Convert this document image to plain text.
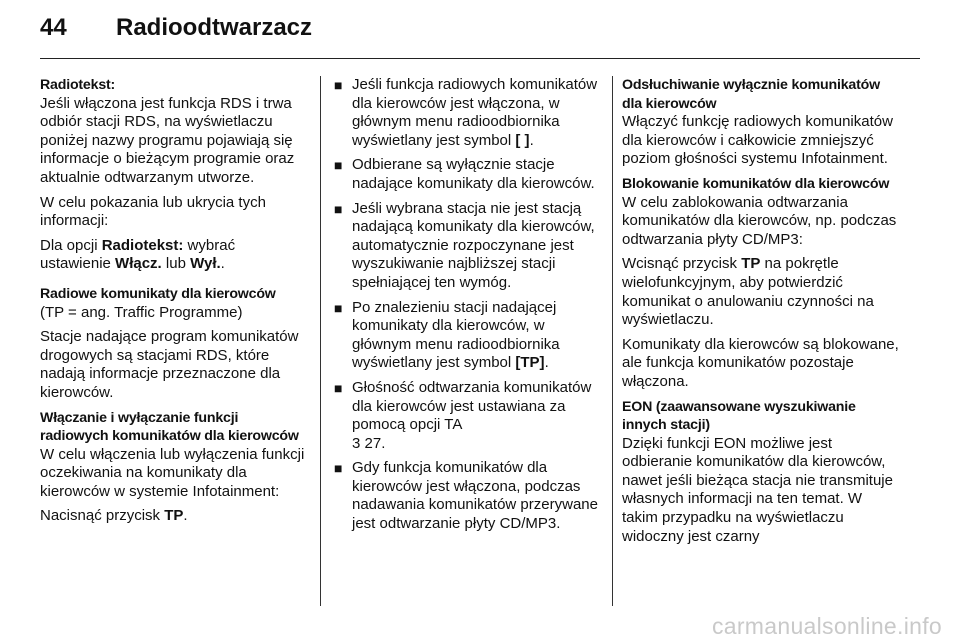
44	Radioodtwarzacz
Radiotekst:
Jeśli włączona jest funkcja RDS i trwa odbiór stacji RDS, na wyświetlaczu poniżej nazwy programu pojawiają się informacje o bieżącym programie oraz aktualnie odtwarzanym utworze.
W celu pokazania lub ukrycia tych informacji:
Dla opcji Radiotekst: wybrać ustawienie Włącz. lub Wył..
Radiowe komunikaty dla kierowców
(TP = ang. Traffic Programme)
Stacje nadające program komunikatów drogowych są stacjami RDS, które nadają informacje przeznaczone dla kierowców.
Włączanie i wyłączanie funkcji radiowych komunikatów dla kierowców
W celu włączenia lub wyłączenia funkcji oczekiwania na komunikaty dla kierowców w systemie Infotainment:
Nacisnąć przycisk TP.
■ Jeśli funkcja radiowych komunikatów dla kierowców jest włączona, w głównym menu radioodbiornika wyświetlany jest symbol [ ].
■ Odbierane są wyłącznie stacje nadające komunikaty dla kierowców.
■ Jeśli wybrana stacja nie jest stacją nadającą komunikaty dla kierowców, automatycznie rozpoczynane jest wyszukiwanie najbliższej stacji spełniającej ten wymóg.
■ Po znalezieniu stacji nadającej komunikaty dla kierowców, w głównym menu radioodbiornika wyświetlany jest symbol [TP].
■ Głośność odtwarzania komunikatów dla kierowców jest ustawiana za pomocą opcji TA
3 27.
■ Gdy funkcja komunikatów dla kierowców jest włączona, podczas nadawania komunikatów przerywane jest odtwarzanie płyty CD/MP3.
Odsłuchiwanie wyłącznie komunikatów dla kierowców
Włączyć funkcję radiowych komunikatów dla kierowców i całkowicie zmniejszyć poziom głośności systemu Infotainment.
Blokowanie komunikatów dla kierowców
W celu zablokowania odtwarzania komunikatów dla kierowców, np. podczas odtwarzania płyty CD/MP3:
Wcisnąć przycisk TP na pokrętle wielofunkcyjnym, aby potwierdzić komunikat o anulowaniu czynności na wyświetlaczu.
Komunikaty dla kierowców są blokowane, ale funkcja komunikatów pozostaje włączona.
EON (zaawansowane wyszukiwanie innych stacji)
Dzięki funkcji EON możliwe jest odbieranie komunikatów dla kierowców, nawet jeśli bieżąca stacja nie transmituje własnych informacji na ten temat. W takim przypadku na wyświetlaczu widoczny jest czarny
carmanualsonline.info
